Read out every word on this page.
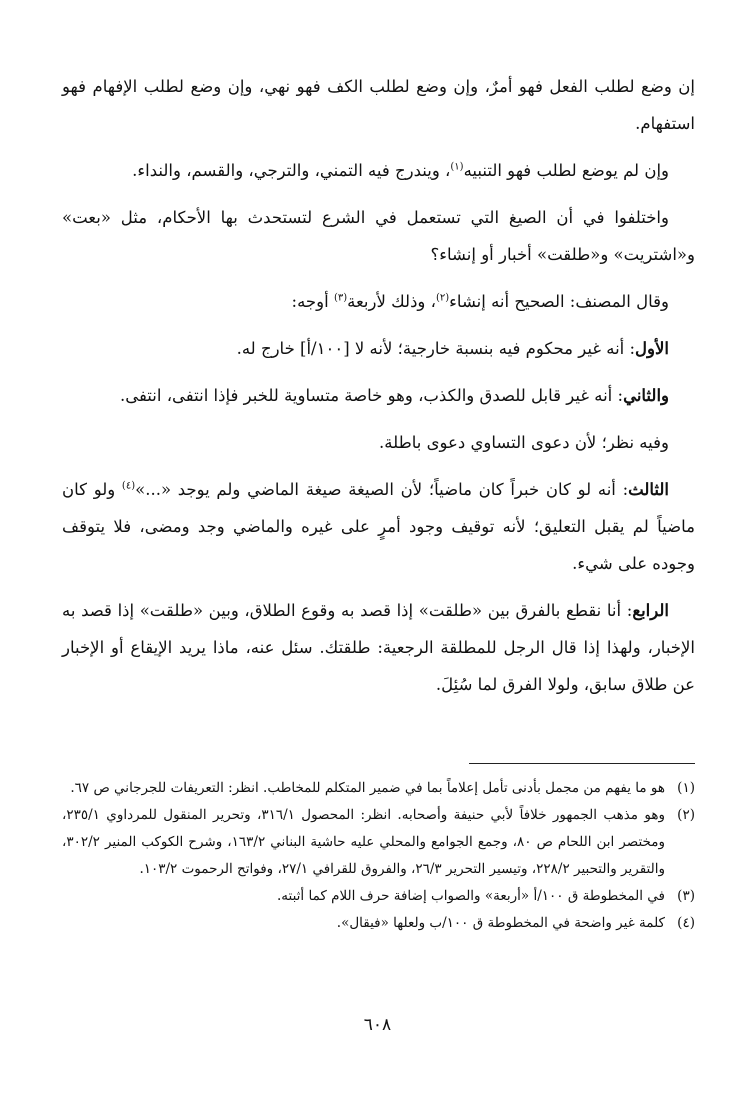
إن وضع لطلب الفعل فهو أمرٌ، وإن وضع لطلب الكف فهو نهي، وإن وضع لطلب الإفهام فهو استفهام.

وإن لم يوضع لطلب فهو التنبيه$^{(١)}$، ويندرج فيه التمني، والترجي، والقسم، والنداء.

واختلفوا في أن الصيغ التي تستعمل في الشرع لتستحدث بها الأحكام، مثل «بعت» و«اشتريت» و«طلقت» أخبار أو إنشاء؟

وقال المصنف: الصحيح أنه إنشاء$^{(٢)}$، وذلك لأربعة$^{(٣)}$ أوجه:

الأول: أنه غير محكوم فيه بنسبة خارجية؛ لأنه لا [١٠٠/أ] خارج له.

والثاني: أنه غير قابل للصدق والكذب، وهو خاصة متساوية للخبر فإذا انتفى، انتفى.

وفيه نظر؛ لأن دعوى التساوي دعوى باطلة.

الثالث: أنه لو كان خبراً كان ماضياً؛ لأن الصيغة صيغة الماضي ولم يوجد «...»$^{(٤)}$ ولو كان ماضياً لم يقبل التعليق؛ لأنه توقيف وجود أمرٍ على غيره والماضي وجد ومضى، فلا يتوقف وجوده على شيء.

الرابع: أنا نقطع بالفرق بين «طلقت» إذا قصد به وقوع الطلاق، وبين «طلقت» إذا قصد به الإخبار، ولهذا إذا قال الرجل للمطلقة الرجعية: طلقتك. سئل عنه، ماذا يريد الإيقاع أو الإخبار عن طلاق سابق، ولولا الفرق لما سُئِلَ.

(١)
هو ما يفهم من مجمل بأدنى تأمل إعلاماً بما في ضمير المتكلم للمخاطب. انظر: التعريفات للجرجاني ص ٦٧.
(٢)
وهو مذهب الجمهور خلافاً لأبي حنيفة وأصحابه. انظر: المحصول ٣١٦/١، وتحرير المنقول للمرداوي ٢٣٥/١، ومختصر ابن اللحام ص ٨٠، وجمع الجوامع والمحلي عليه حاشية البناني ١٦٣/٢، وشرح الكوكب المنير ٣٠٢/٢، والتقرير والتحبير ٢٢٨/٢، وتيسير التحرير ٢٦/٣، والفروق للقرافي ٢٧/١، وفواتح الرحموت ١٠٣/٢.
(٣)
في المخطوطة ق ١٠٠/أ «أربعة» والصواب إضافة حرف اللام كما أثبته.
(٤)
كلمة غير واضحة في المخطوطة ق ١٠٠/ب ولعلها «فيقال».
٦٠٨
